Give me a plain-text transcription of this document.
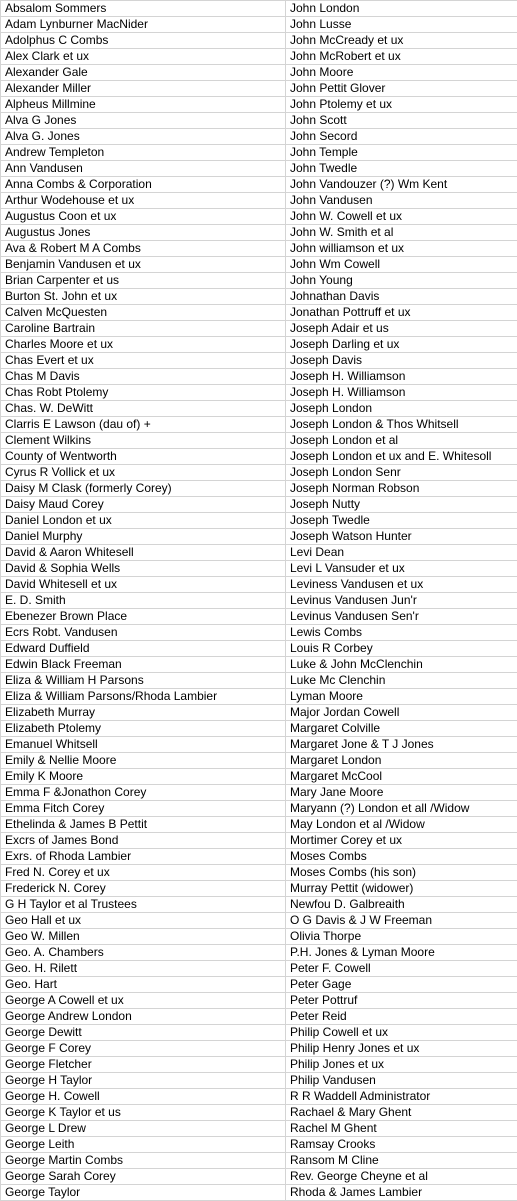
Absalom Sommers	John London
Adam Lynburner MacNider	John Lusse
Adolphus C Combs	John McCready et ux
Alex Clark et ux	John McRobert et ux
Alexander Gale	John Moore
Alexander Miller	John Pettit Glover
Alpheus Millmine	John Ptolemy et ux
Alva G Jones	John Scott
Alva G. Jones	John Secord
Andrew Templeton	John Temple
Ann Vandusen	John Twedle
Anna Combs & Corporation	John Vandouzer (?) Wm Kent
Arthur Wodehouse et ux	John Vandusen
Augustus Coon et ux	John W. Cowell et ux
Augustus Jones	John W. Smith et al
Ava & Robert M A Combs	John williamson et ux
Benjamin Vandusen et ux	John Wm Cowell
Brian Carpenter et us	John Young
Burton St. John et ux	Johnathan Davis
Calven McQuesten	Jonathan Pottruff et ux
Caroline Bartrain	Joseph Adair et us
Charles Moore et ux	Joseph Darling et ux
Chas Evert et ux	Joseph Davis
Chas M Davis	Joseph H. Williamson
Chas Robt Ptolemy	Joseph H. Williamson
Chas. W. DeWitt	Joseph London
Clarris E Lawson (dau of) +	Joseph London & Thos Whitsell
Clement Wilkins	Joseph London et al
County of Wentworth	Joseph London et ux and E. Whitesoll
Cyrus R Vollick et ux	Joseph London Senr
Daisy M Clask (formerly Corey)	Joseph Norman Robson
Daisy Maud Corey	Joseph Nutty
Daniel London et ux	Joseph Twedle
Daniel Murphy	Joseph Watson Hunter
David & Aaron Whitesell	Levi Dean
David & Sophia Wells	Levi L Vansuder et ux
David Whitesell et ux	Leviness Vandusen et ux
E. D. Smith	Levinus Vandusen Jun'r
Ebenezer Brown Place	Levinus Vandusen Sen'r
Ecrs Robt. Vandusen	Lewis Combs
Edward Duffield	Louis R Corbey
Edwin Black Freeman	Luke & John McClenchin
Eliza & William H Parsons	Luke Mc Clenchin
Eliza & William Parsons/Rhoda Lambier	Lyman Moore
Elizabeth Murray	Major Jordan Cowell
Elizabeth Ptolemy	Margaret Colville
Emanuel Whitsell	Margaret Jone & T J Jones
Emily & Nellie Moore	Margaret London
Emily K Moore	Margaret McCool
Emma F &Jonathon Corey	Mary Jane Moore
Emma Fitch Corey	Maryann (?) London et all /Widow
Ethelinda & James B Pettit	May London et al /Widow
Excrs of James Bond	Mortimer Corey et ux
Exrs. of Rhoda Lambier	Moses Combs
Fred N. Corey et ux	Moses Combs (his son)
Frederick N. Corey	Murray Pettit (widower)
G H Taylor et al Trustees	Newfou D. Galbreaith
Geo Hall et ux	O G Davis & J W Freeman
Geo W. Millen	Olivia Thorpe
Geo. A. Chambers	P.H. Jones & Lyman Moore
Geo. H. Rilett	Peter F. Cowell
Geo. Hart	Peter Gage
George A Cowell et ux	Peter Pottruf
George Andrew London	Peter Reid
George Dewitt	Philip Cowell et ux
George F Corey	Philip Henry Jones et ux
George Fletcher	Philip Jones et ux
George H Taylor	Philip Vandusen
George H. Cowell	R R Waddell Administrator
George K Taylor et us	Rachael & Mary Ghent
George L Drew	Rachel M Ghent
George Leith	Ramsay Crooks
George Martin Combs	Ransom M Cline
George Sarah Corey	Rev. George Cheyne et al
George Taylor	Rhoda & James Lambier
